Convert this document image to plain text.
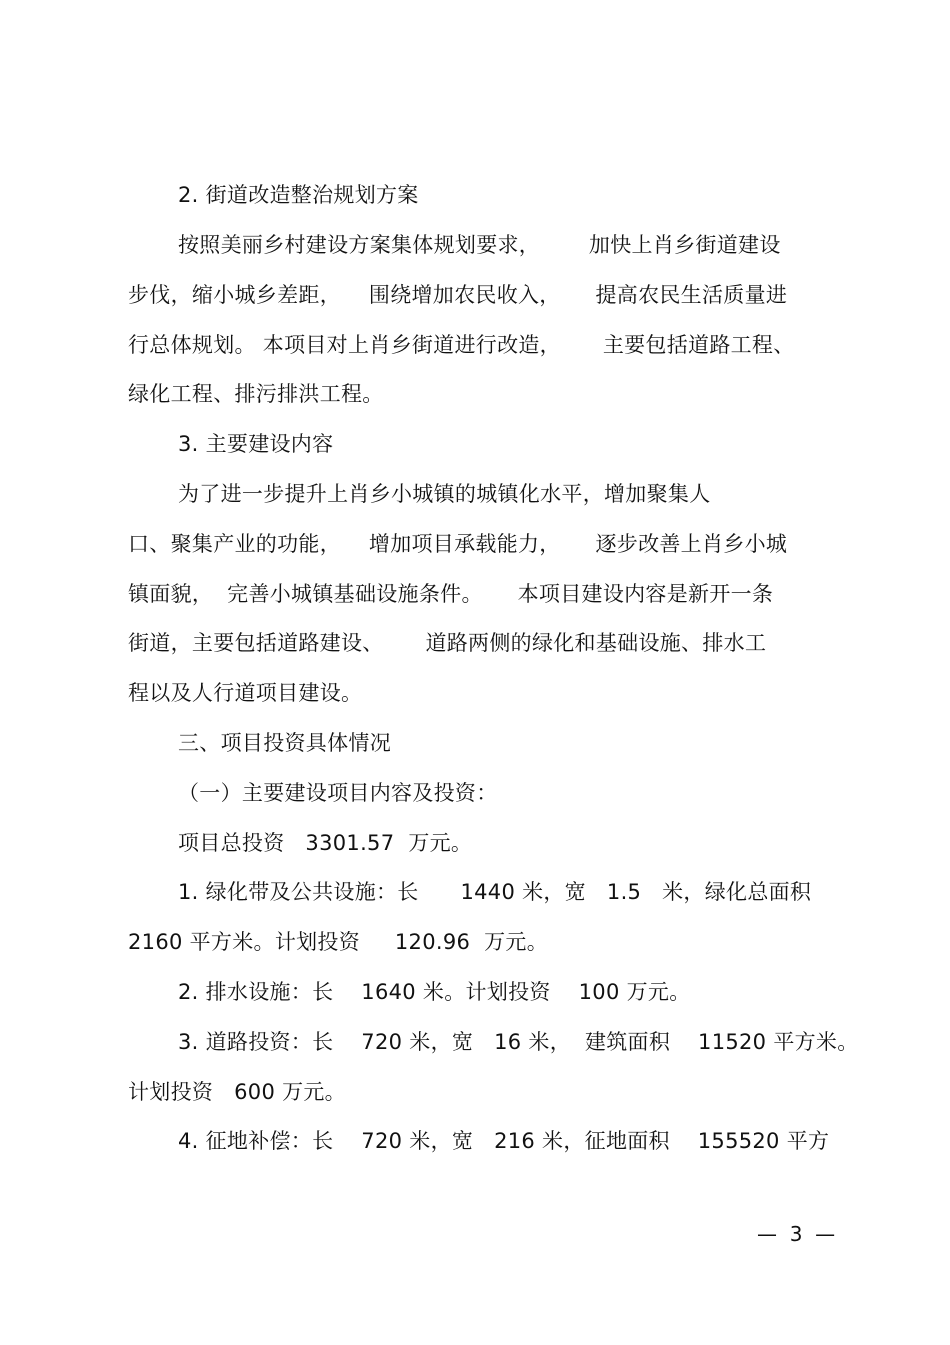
2. 街道改造整治规划方案
按照美丽乡村建设方案集体规划要求，       加快上肖乡街道建设
步伐，缩小城乡差距，    围绕增加农民收入，     提高农民生活质量进
行总体规划。 本项目对上肖乡街道进行改造，      主要包括道路工程、
绿化工程、排污排洪工程。
3. 主要建设内容
为了进一步提升上肖乡小城镇的城镇化水平，增加聚集人
口、聚集产业的功能，    增加项目承载能力，     逐步改善上肖乡小城
镇面貌，  完善小城镇基础设施条件。     本项目建设内容是新开一条
街道，主要包括道路建设、      道路两侧的绿化和基础设施、排水工
程以及人行道项目建设。
三、项目投资具体情况
（一）主要建设项目内容及投资：
项目总投资   3301.57  万元。
1. 绿化带及公共设施：长      1440 米，宽   1.5   米，绿化总面积
2160 平方米。计划投资     120.96  万元。
2. 排水设施：长    1640 米。计划投资    100 万元。
3. 道路投资：长    720 米，宽   16 米，  建筑面积    11520 平方米。
计划投资   600 万元。
4. 征地补偿：长    720 米，宽   216 米，征地面积    155520 平方
—  3  —
